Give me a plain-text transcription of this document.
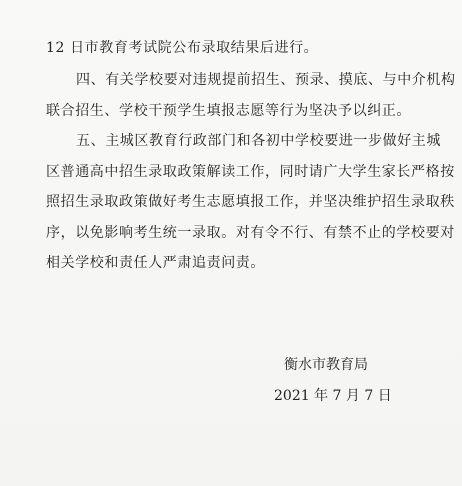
12 日市教育考试院公布录取结果后进行。
四、有关学校要对违规提前招生、预录、摸底、与中介机构
联合招生、学校干预学生填报志愿等行为坚决予以纠正。
五、主城区教育行政部门和各初中学校要进一步做好主城
区普通高中招生录取政策解读工作，同时请广大学生家长严格按
照招生录取政策做好考生志愿填报工作，并坚决维护招生录取秩
序，以免影响考生统一录取。对有令不行、有禁不止的学校要对
相关学校和责任人严肃追责问责。
衡水市教育局
2021 年 7 月 7 日
